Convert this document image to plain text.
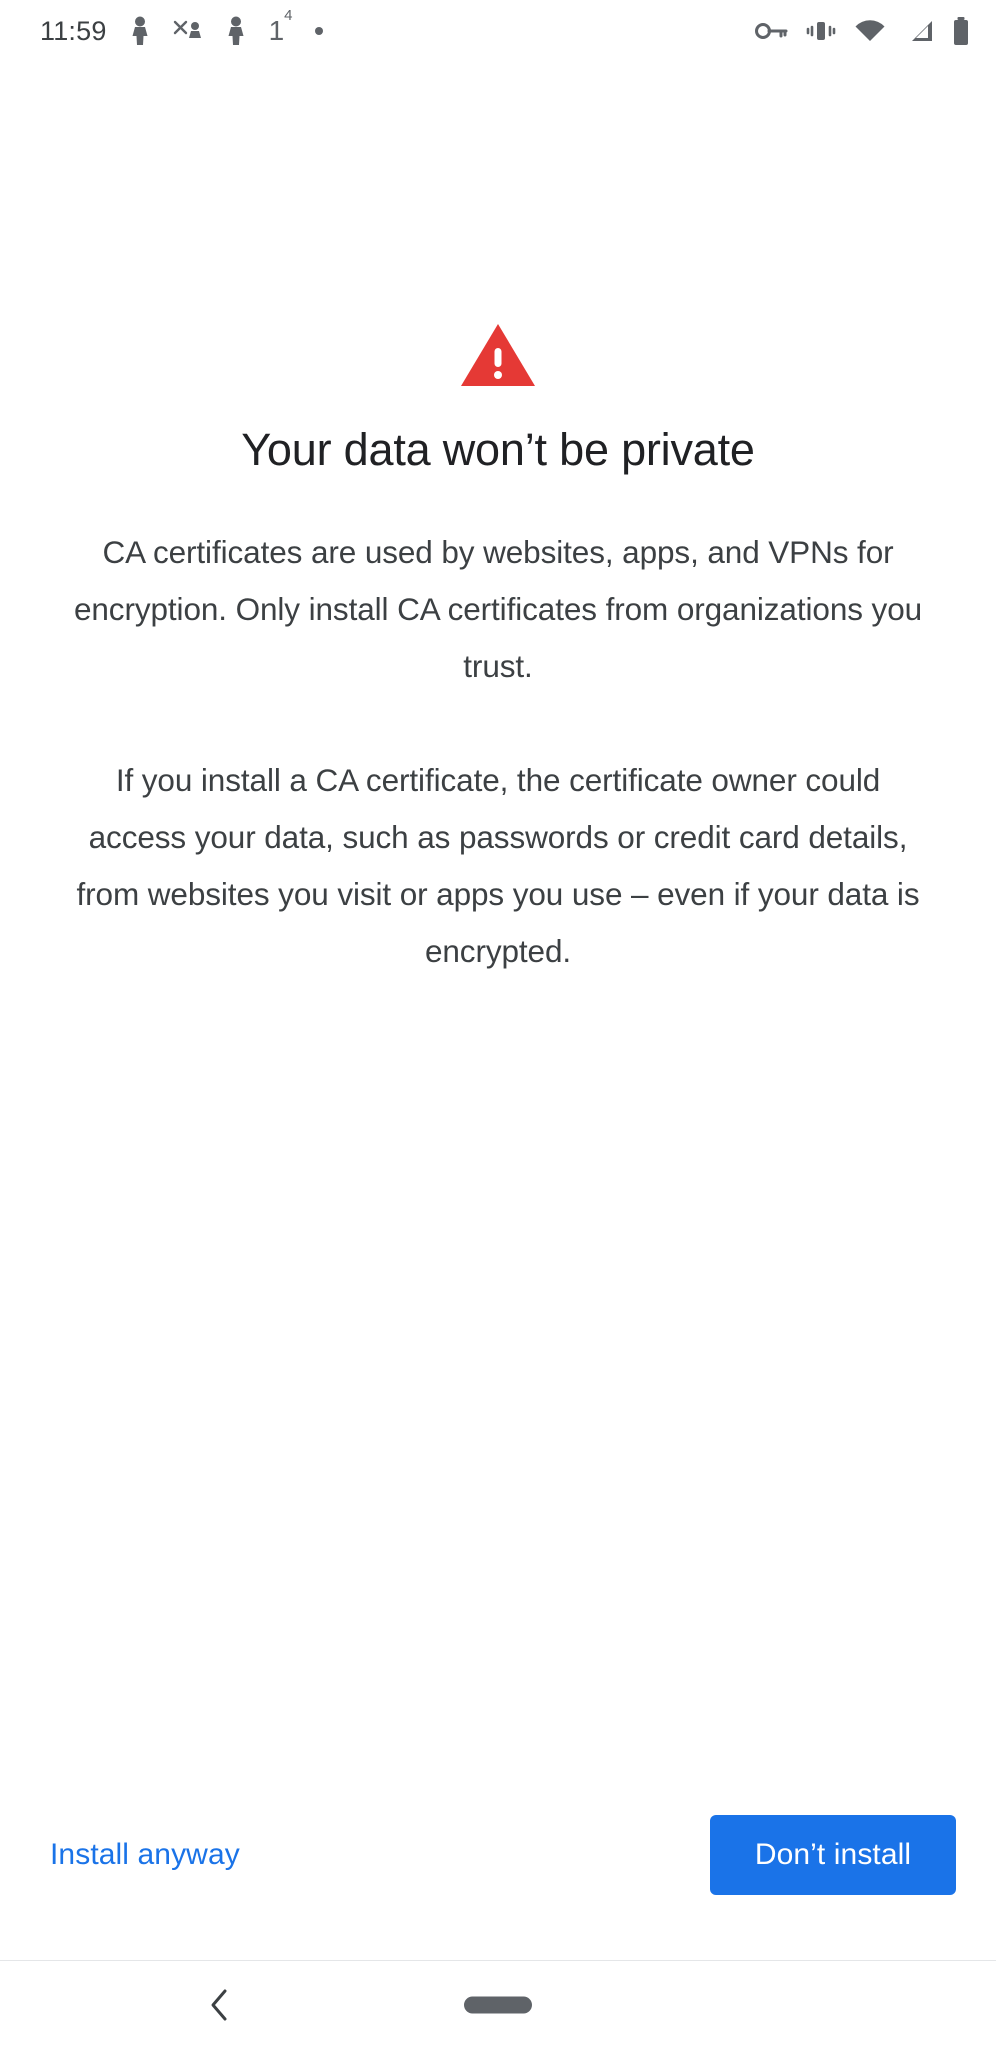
11:59	1 4
Your data won’t be private

CA certificates are used by websites, apps, and VPNs for encryption. Only install CA certificates from organizations you trust.

If you install a CA certificate, the certificate owner could access your data, such as passwords or credit card details, from websites you visit or apps you use – even if your data is encrypted.

Install anyway	Don’t install
